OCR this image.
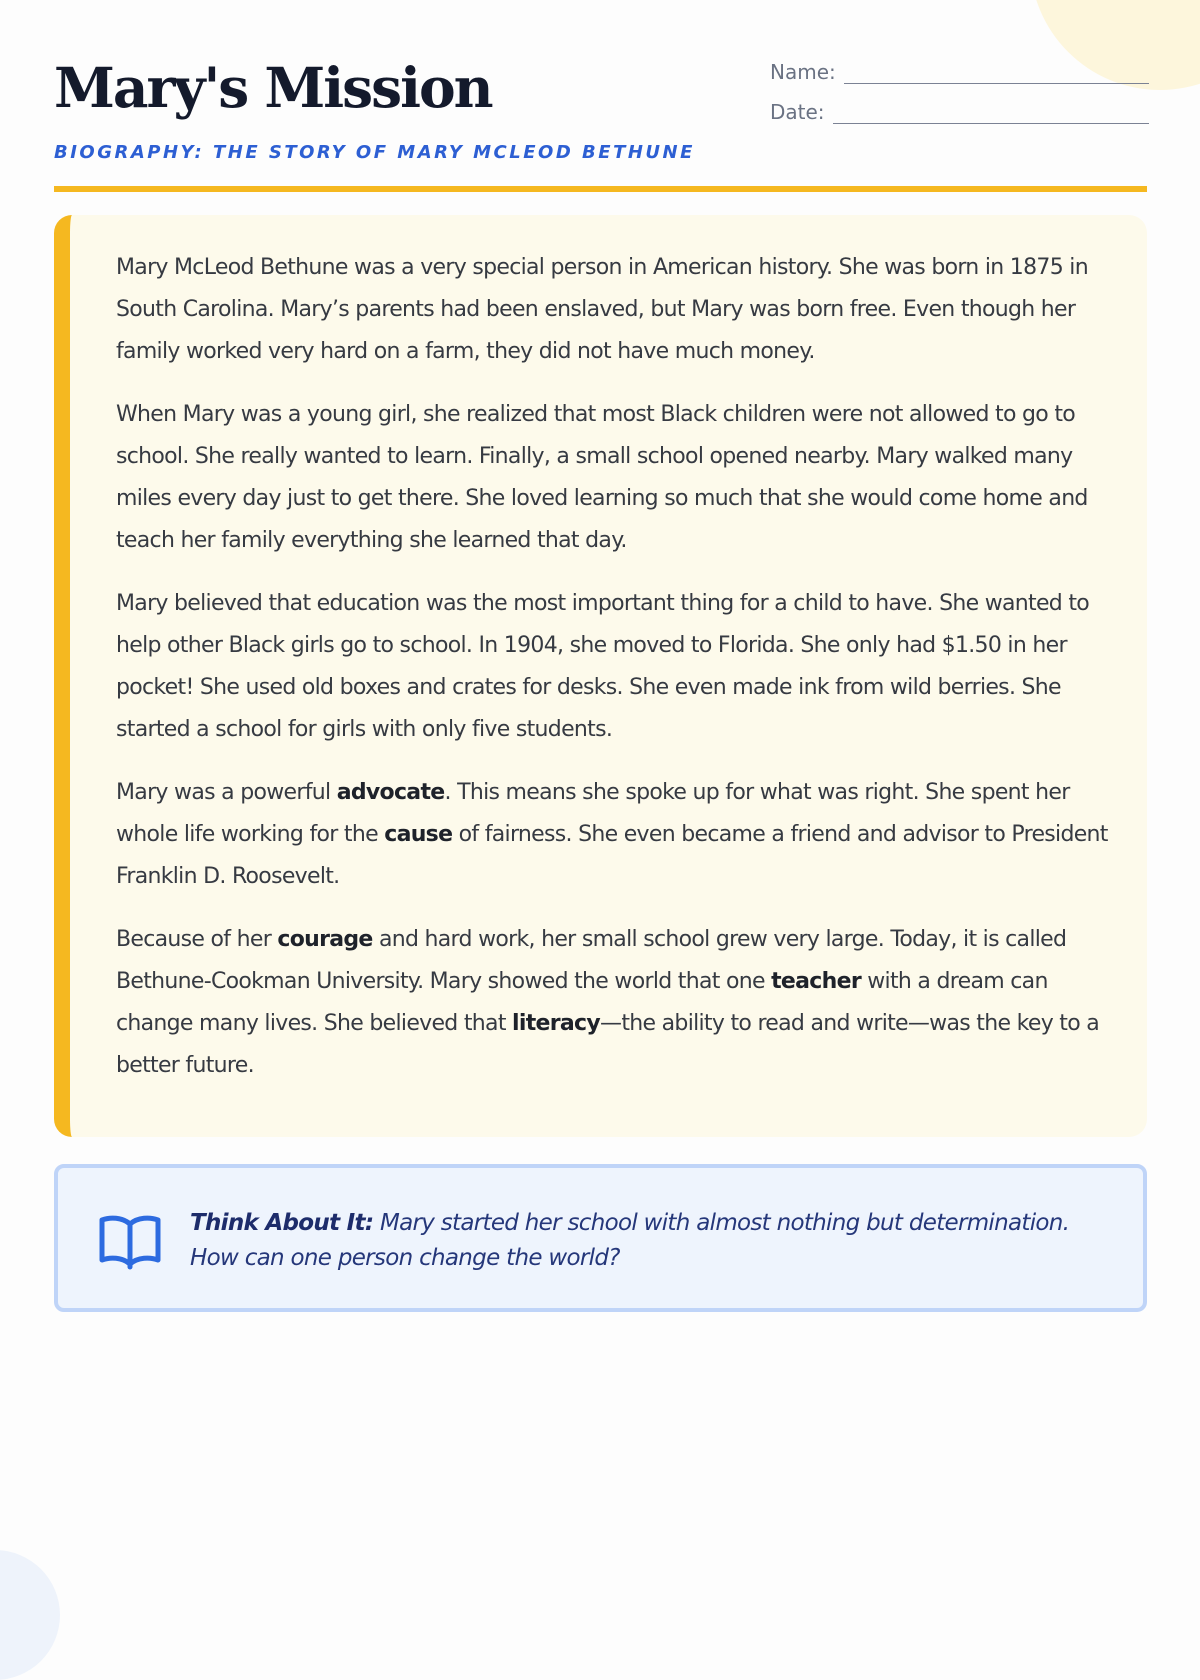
Mary's Mission
BIOGRAPHY: THE STORY OF MARY MCLEOD BETHUNE
Name:
Date:

Mary McLeod Bethune was a very special person in American history. She was born in 1875 in South Carolina. Mary’s parents had been enslaved, but Mary was born free. Even though her family worked very hard on a farm, they did not have much money.

When Mary was a young girl, she realized that most Black children were not allowed to go to school. She really wanted to learn. Finally, a small school opened nearby. Mary walked many miles every day just to get there. She loved learning so much that she would come home and teach her family everything she learned that day.

Mary believed that education was the most important thing for a child to have. She wanted to help other Black girls go to school. In 1904, she moved to Florida. She only had $1.50 in her pocket! She used old boxes and crates for desks. She even made ink from wild berries. She started a school for girls with only five students.

Mary was a powerful advocate. This means she spoke up for what was right. She spent her whole life working for the cause of fairness. She even became a friend and advisor to President Franklin D. Roosevelt.

Because of her courage and hard work, her small school grew very large. Today, it is called Bethune-Cookman University. Mary showed the world that one teacher with a dream can change many lives. She believed that literacy—the ability to read and write—was the key to a better future.

Think About It: Mary started her school with almost nothing but determination. How can one person change the world?
